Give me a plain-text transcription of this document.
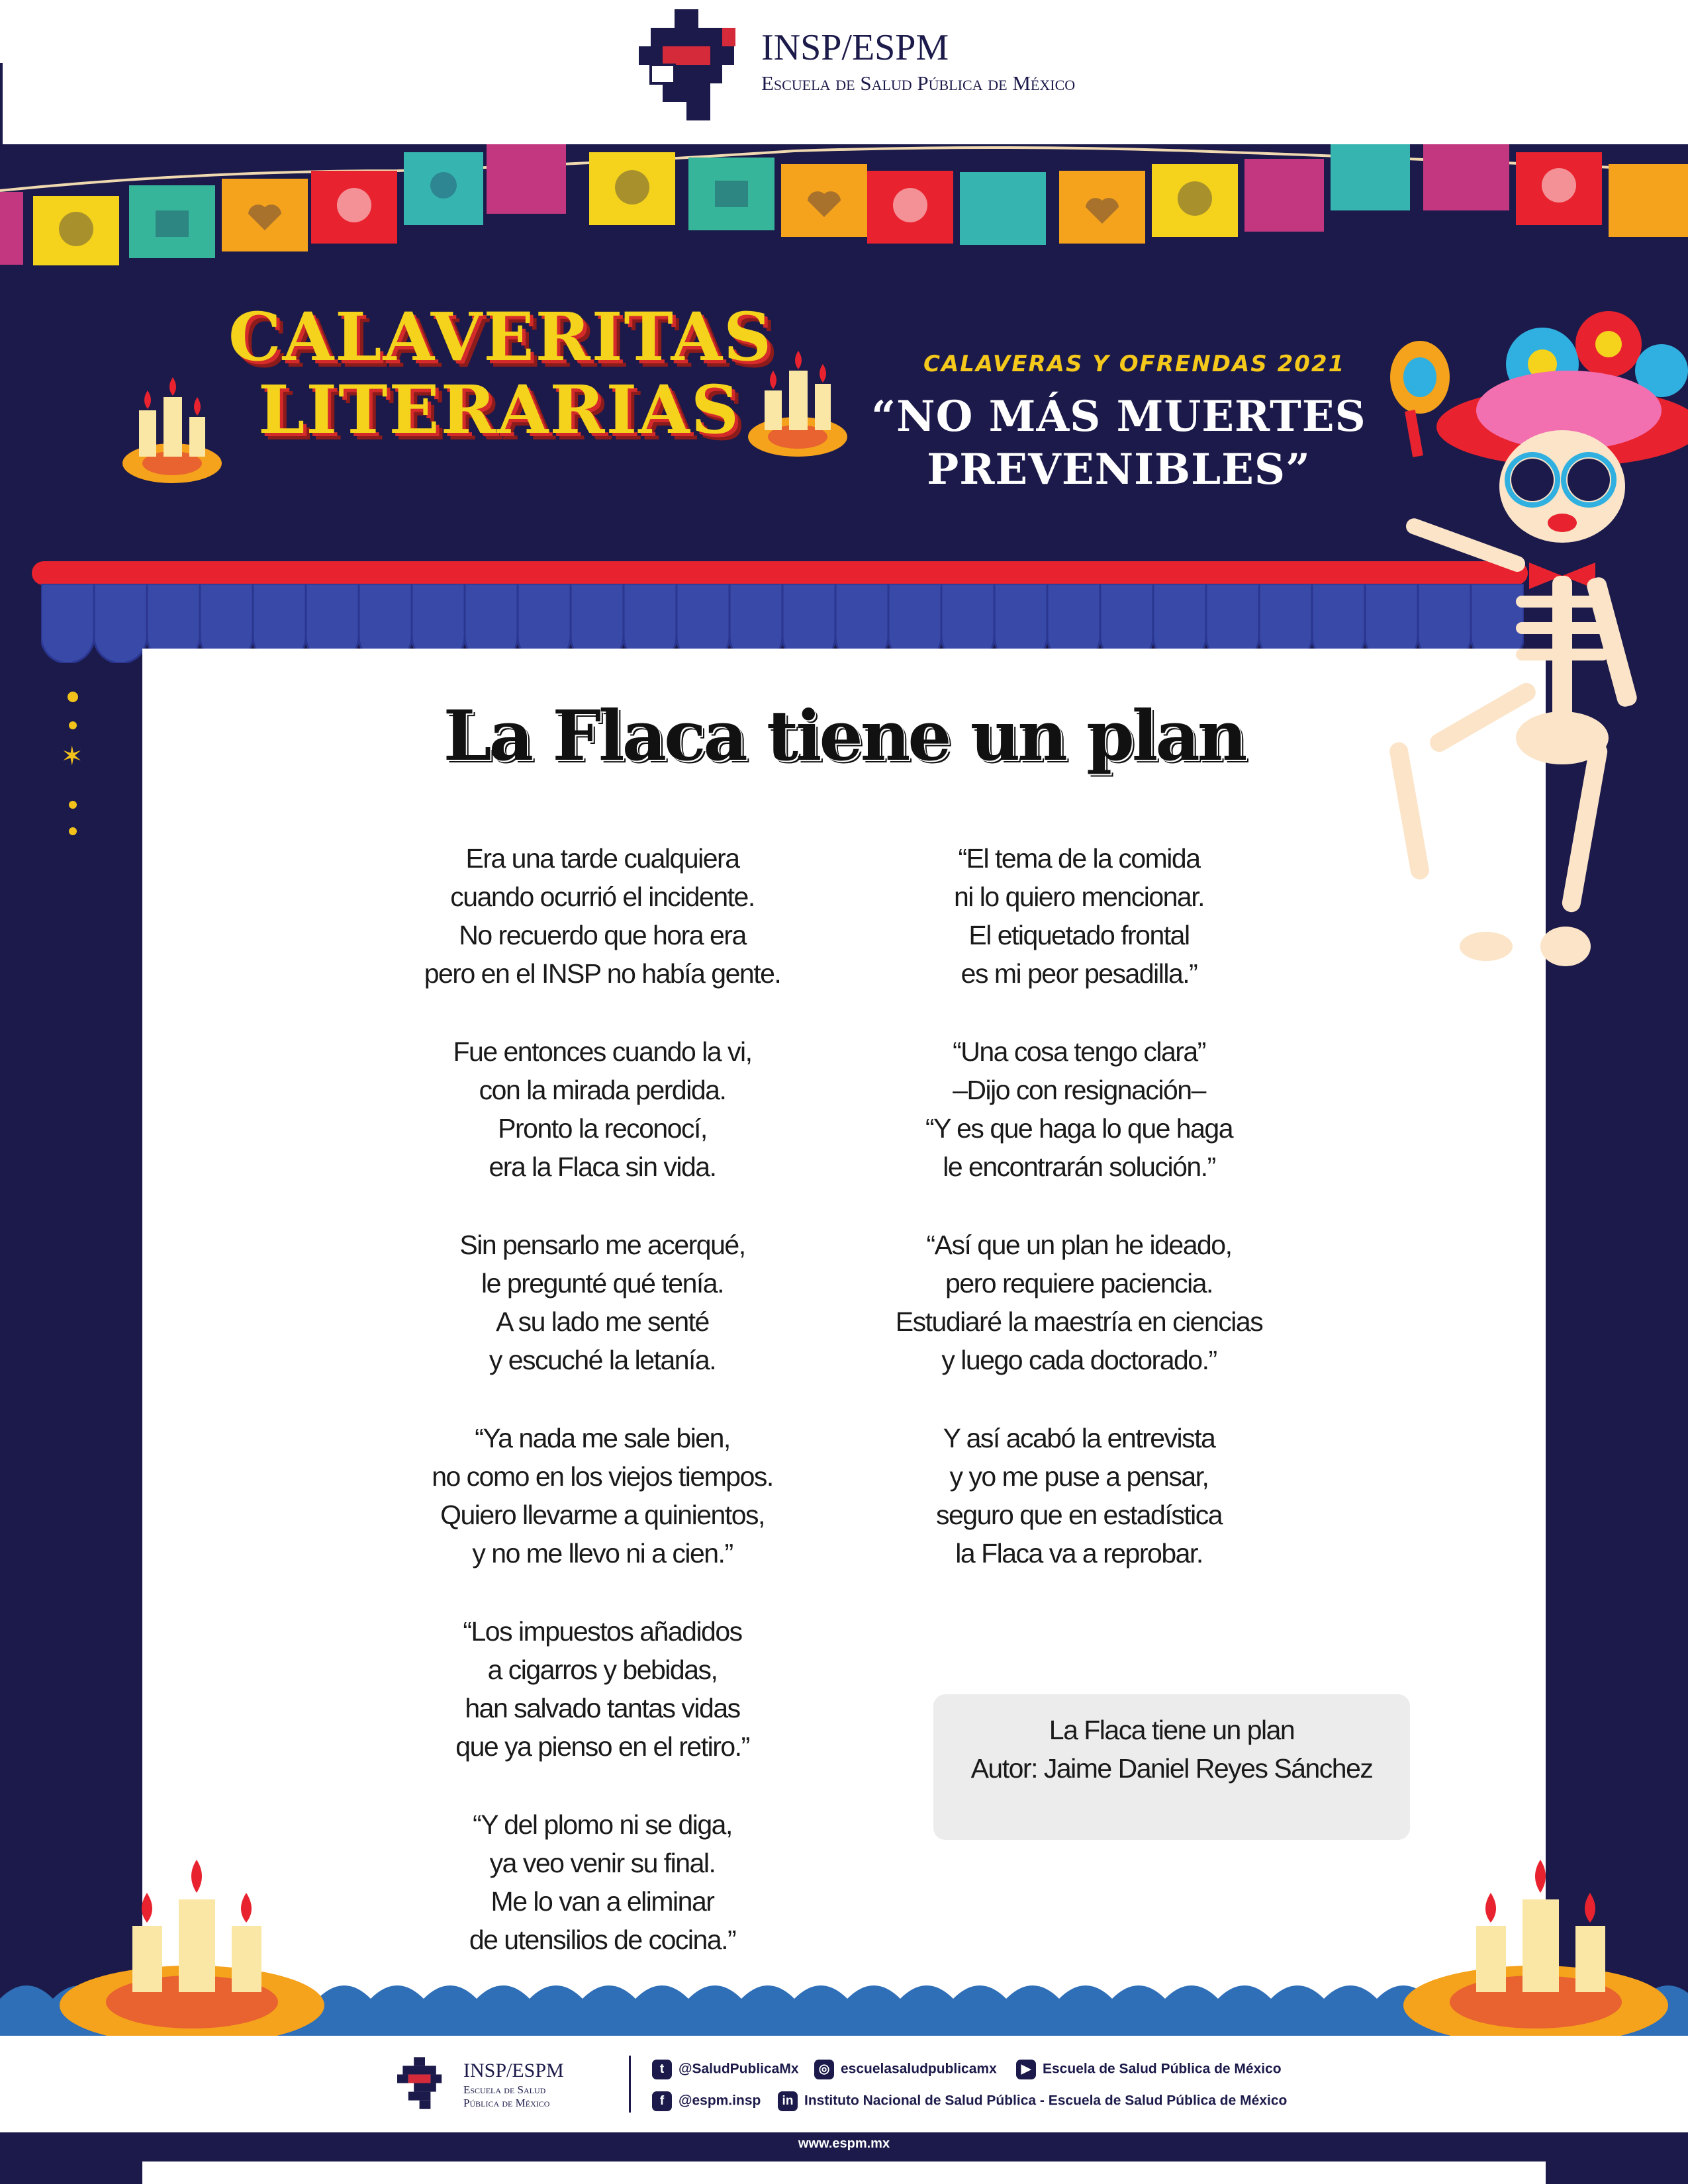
INSP/ESPM
Escuela de Salud Pública de México
CALAVERITAS
LITERARIAS
CALAVERAS Y OFRENDAS 2021
“NO MÁS MUERTES PREVENIBLES”
✶	La Flaca tiene un plan

Era una tarde cualquiera

cuando ocurrió el incidente.

No recuerdo que hora era

pero en el INSP no había gente.

Fue entonces cuando la vi,

con la mirada perdida.

Pronto la reconocí,

era la Flaca sin vida.

Sin pensarlo me acerqué,

le pregunté qué tenía.

A su lado me senté

y escuché la letanía.

“Ya nada me sale bien,

no como en los viejos tiempos.

Quiero llevarme a quinientos,

y no me llevo ni a cien.”

“Los impuestos añadidos

a cigarros y bebidas,

han salvado tantas vidas

que ya pienso en el retiro.”

“Y del plomo ni se diga,

ya veo venir su final.

Me lo van a eliminar

de utensilios de cocina.”

“El tema de la comida

ni lo quiero mencionar.

El etiquetado frontal

es mi peor pesadilla.”

“Una cosa tengo clara”

–Dijo con resignación–

“Y es que haga lo que haga

le encontrarán solución.”

“Así que un plan he ideado,

pero requiere paciencia.

Estudiaré la maestría en ciencias

y luego cada doctorado.”

Y así acabó la entrevista

y yo me puse a pensar,

seguro que en estadística

la Flaca va a reprobar.

La Flaca tiene un plan
Autor: Jaime Daniel Reyes Sánchez
INSP/ESPM
Escuela de Salud
Pública de México
t @SaludPublicaMx	◎ escuelasaludpublicamx	▶ Escuela de Salud Pública de México
f @espm.insp	in Instituto Nacional de Salud Pública - Escuela de Salud Pública de México
www.espm.mx
